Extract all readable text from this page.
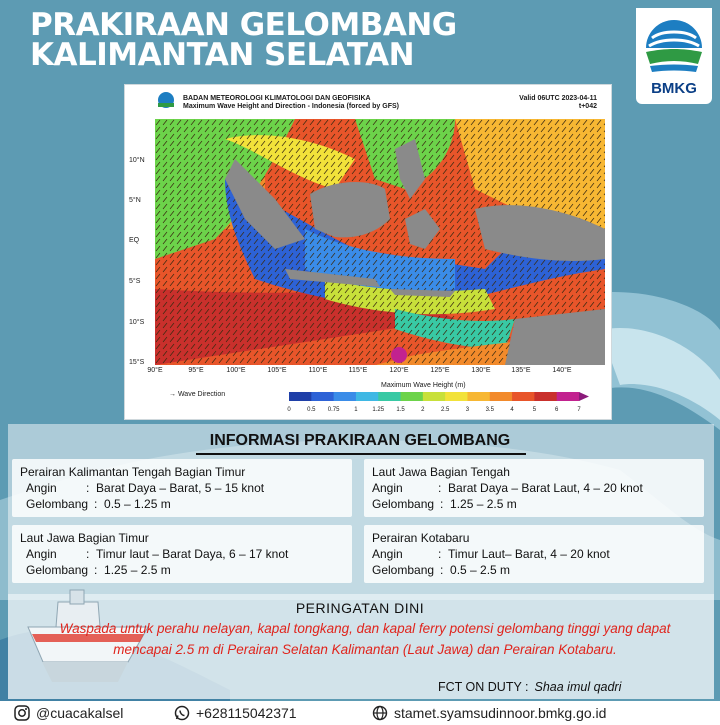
PRAKIRAAN GELOMBANG
KALIMANTAN SELATAN
BMKG
BADAN METEOROLOGI KLIMATOLOGI DAN GEOFISIKA
Maximum Wave Height and Direction - Indonesia (forced by GFS)
Valid 06UTC 2023-04-11
t+042
10°N
5°N
EQ
5°S
10°S
15°S
90°E	95°E	100°E	105°E	110°E	115°E	120°E	125°E	130°E	135°E	140°E
→ Wave Direction
Maximum Wave Height (m)
0	0.5 0.75 1 1.25 1.5	2	2.5	3	3.5	4	5	6	7
INFORMASI PRAKIRAAN GELOMBANG
Perairan Kalimantan Tengah Bagian Timur
Angin : Barat Daya – Barat, 5 – 15 knot
Gelombang : 0.5 – 1.25 m
Laut Jawa Bagian Tengah
Angin	: Barat Daya – Barat Laut, 4 – 20 knot
Gelombang : 1.25 – 2.5 m
Laut Jawa Bagian Timur
Angin : Timur laut – Barat Daya, 6 – 17 knot
Gelombang : 1.25 – 2.5 m
Perairan Kotabaru
Angin	: Timur Laut– Barat, 4 – 20 knot
Gelombang : 0.5 – 2.5 m
PERINGATAN DINI
Waspada untuk perahu nelayan, kapal tongkang, dan kapal ferry potensi gelombang tinggi yang dapat mencapai 2.5 m di Perairan Selatan Kalimantan (Laut Jawa) dan Perairan Kotabaru.
FCT ON DUTY : Shaa imul qadri
@cuacakalsel	+628115042371	stamet.syamsudinnoor.bmkg.go.id
